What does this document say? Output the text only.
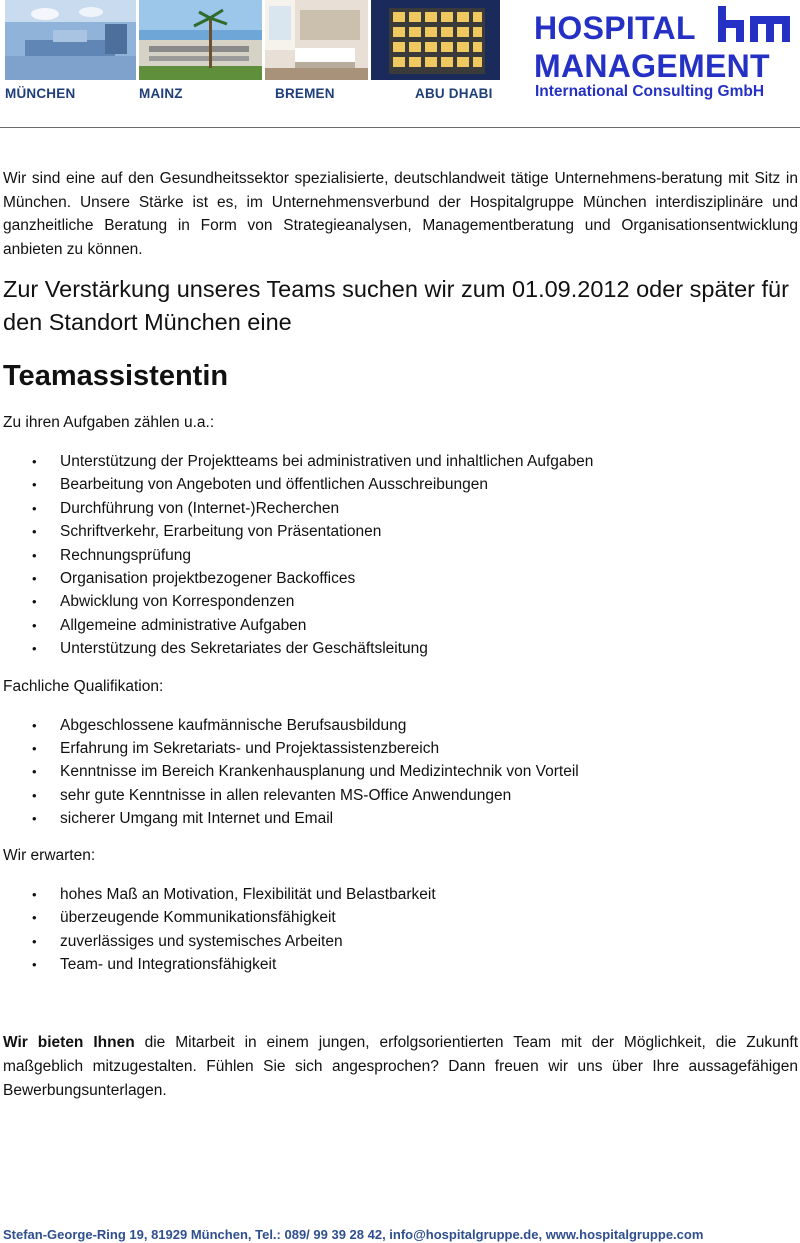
MÜNCHEN	MAINZ	BREMEN	ABU DHABI
HOSPITAL
MANAGEMENT
International Consulting GmbH

Wir sind eine auf den Gesundheitssektor spezialisierte, deutschlandweit tätige Unternehmens-beratung mit Sitz in München. Unsere Stärke ist es, im Unternehmensverbund der Hospitalgruppe München interdisziplinäre und ganzheitliche Beratung in Form von Strategieanalysen, Managementberatung und Organisationsentwicklung anbieten zu können.

Zur Verstärkung unseres Teams suchen wir zum 01.09.2012 oder später für den Standort München eine
Teamassistentin

Zu ihren Aufgaben zählen u.a.:

• Unterstützung der Projektteams bei administrativen und inhaltlichen Aufgaben
• Bearbeitung von Angeboten und öffentlichen Ausschreibungen
• Durchführung von (Internet-)Recherchen
• Schriftverkehr, Erarbeitung von Präsentationen
• Rechnungsprüfung
• Organisation projektbezogener Backoffices
• Abwicklung von Korrespondenzen
• Allgemeine administrative Aufgaben
• Unterstützung des Sekretariates der Geschäftsleitung

Fachliche Qualifikation:

• Abgeschlossene kaufmännische Berufsausbildung
• Erfahrung im Sekretariats- und Projektassistenzbereich
• Kenntnisse im Bereich Krankenhausplanung und Medizintechnik von Vorteil
• sehr gute Kenntnisse in allen relevanten MS-Office Anwendungen
• sicherer Umgang mit Internet und Email

Wir erwarten:

• hohes Maß an Motivation, Flexibilität und Belastbarkeit
• überzeugende Kommunikationsfähigkeit
• zuverlässiges und systemisches Arbeiten
• Team- und Integrationsfähigkeit

Wir bieten Ihnen die Mitarbeit in einem jungen, erfolgsorientierten Team mit der Möglichkeit, die Zukunft maßgeblich mitzugestalten. Fühlen Sie sich angesprochen? Dann freuen wir uns über Ihre aussagefähigen Bewerbungsunterlagen.

Stefan-George-Ring 19, 81929 München, Tel.: 089/ 99 39 28 42, info@hospitalgruppe.de, www.hospitalgruppe.com
